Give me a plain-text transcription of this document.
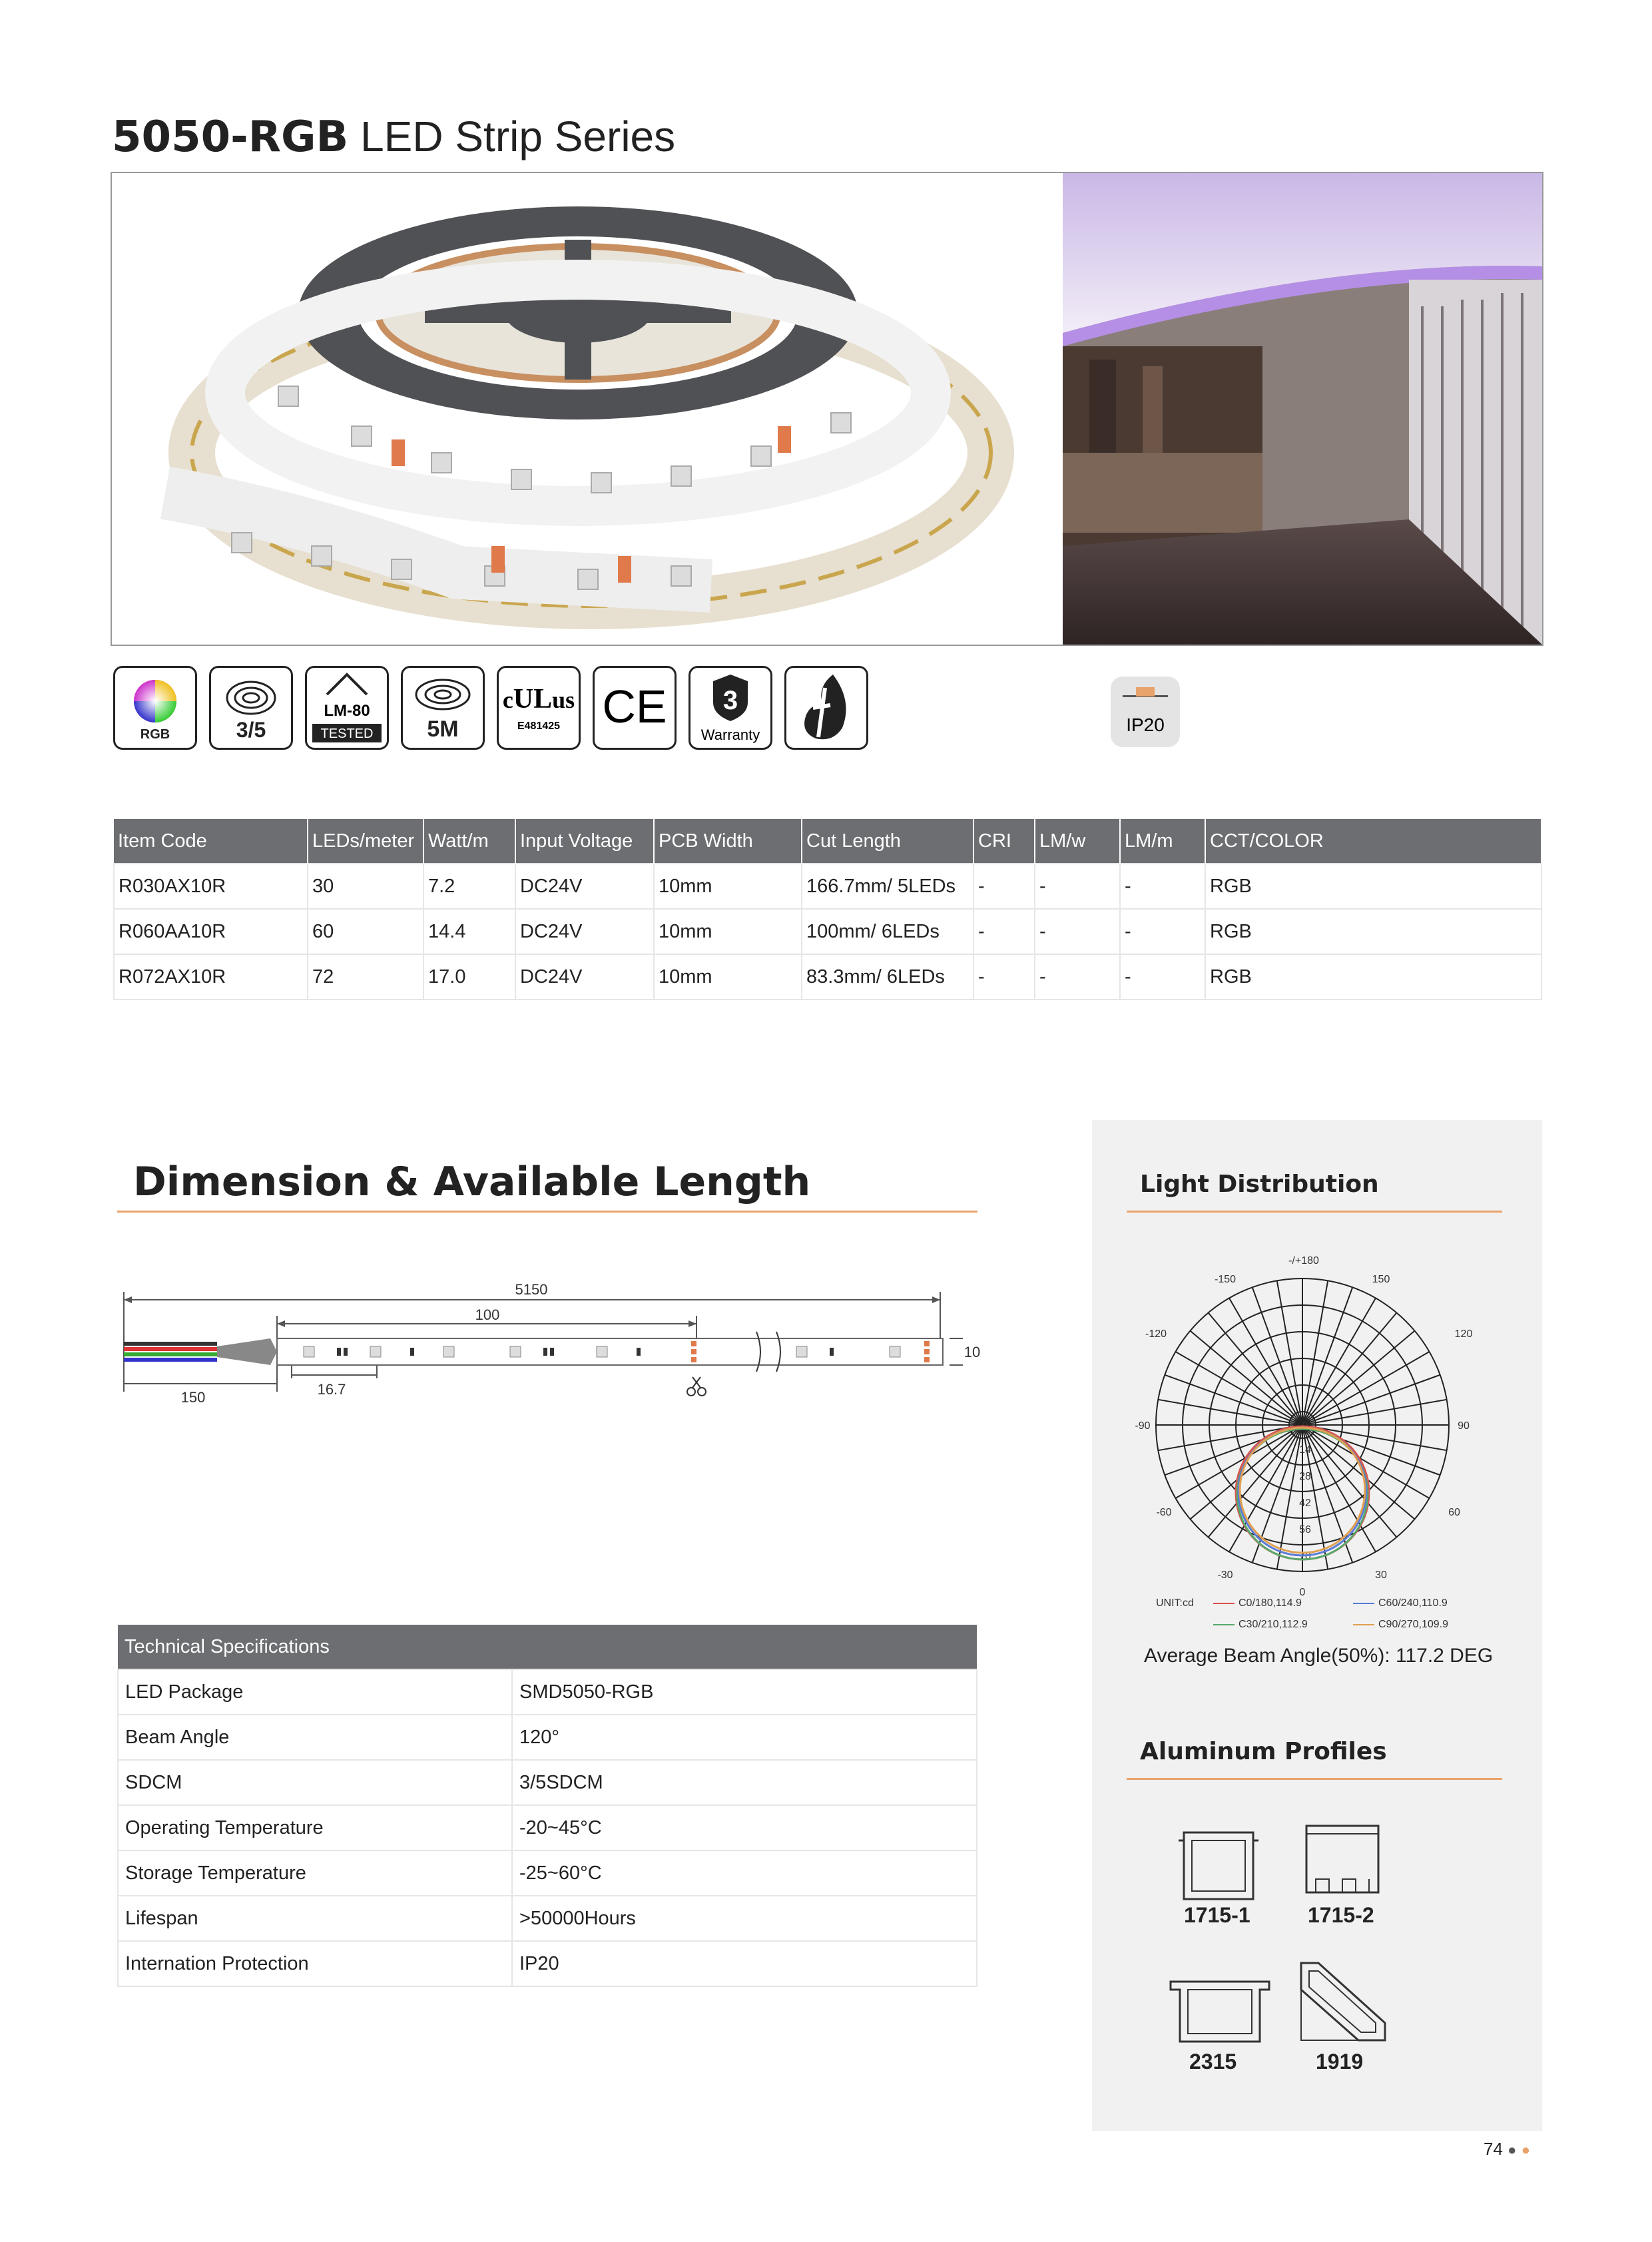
5050-RGB LED Strip Series
RGB	3/5
LM-80
TESTED	5M
cULus
E481425 CE 3
Warranty	IP20
Item Code	LEDs/meter	Watt/m	Input Voltage	PCB Width	Cut Length	CRI	LM/w	LM/m	CCT/COLOR
R030AX10R	30	7.2	DC24V	10mm	166.7mm/ 5LEDs	-	-	-	RGB
R060AA10R	60	14.4	DC24V	10mm	100mm/ 6LEDs	-	-	-	RGB
R072AX10R	72	17.0	DC24V	10mm	83.3mm/ 6LEDs	-	-	-	RGB
Dimension & Available Length
5150
100
10
150	16.7
Technical Specifications	
LED Package	SMD5050-RGB
Beam Angle	120°
SDCM	3/5SDCM
Operating Temperature	-20~45°C
Storage Temperature	-25~60°C
Lifespan	>50000Hours
Internation Protection	IP20
Light Distribution
-/+180
-150	150
-120	120
-90	90
-60	60
-30	30
0
0
14
28
42
56
70
UNIT:cd	C0/180,114.9	C60/240,110.9
C30/210,112.9	C90/270,109.9
Aluminum Profiles
1715-1	1715-2
2315	1919
Average Beam Angle(50%): 117.2 DEG
74 ● ●
